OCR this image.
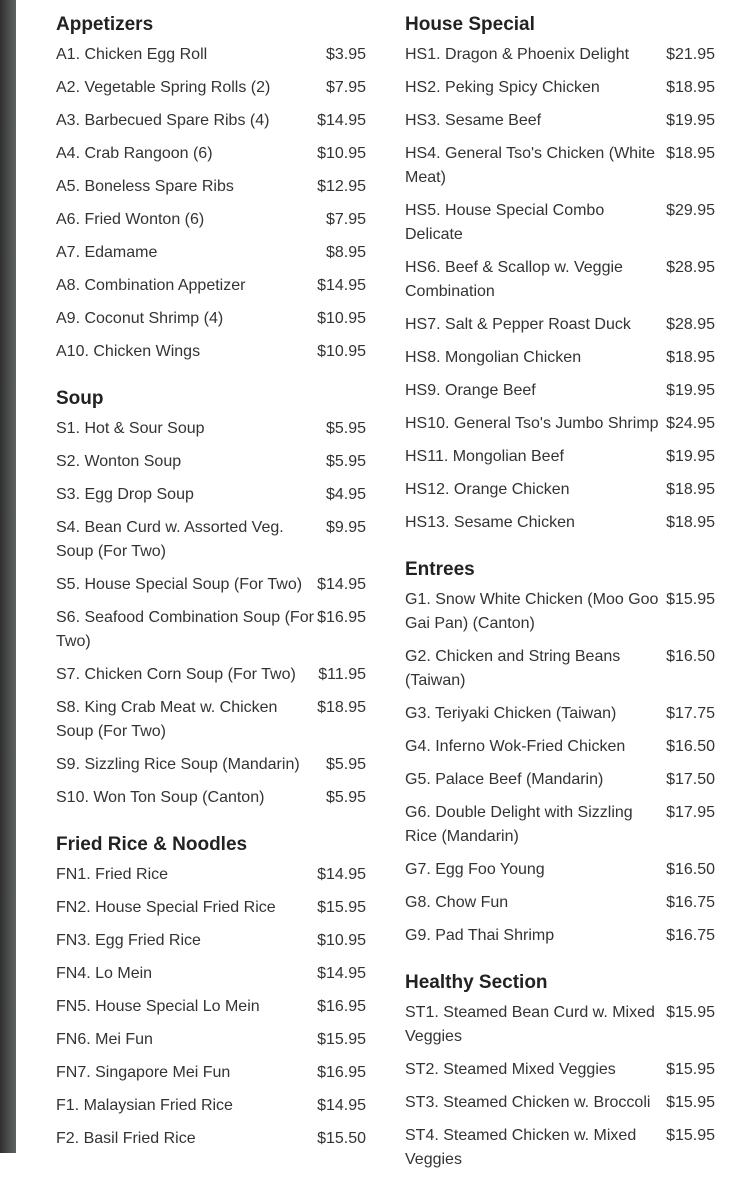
Appetizers
A1. Chicken Egg Roll	$3.95
A2. Vegetable Spring Rolls (2)	$7.95
A3. Barbecued Spare Ribs (4)	$14.95
A4. Crab Rangoon (6)	$10.95
A5. Boneless Spare Ribs	$12.95
A6. Fried Wonton (6)	$7.95
A7. Edamame	$8.95
A8. Combination Appetizer	$14.95
A9. Coconut Shrimp (4)	$10.95
A10. Chicken Wings	$10.95
Soup
S1. Hot & Sour Soup	$5.95
S2. Wonton Soup	$5.95
S3. Egg Drop Soup	$4.95
S4. Bean Curd w. Assorted Veg. Soup (For Two)
$9.95
S5. House Special Soup (For Two) $14.95
S6. Seafood Combination Soup (For Two)
$16.95
S7. Chicken Corn Soup (For Two)	$11.95
S8. King Crab Meat w. Chicken Soup (For Two)
$18.95
S9. Sizzling Rice Soup (Mandarin)	$5.95
S10. Won Ton Soup (Canton)	$5.95
Fried Rice & Noodles
FN1. Fried Rice	$14.95
FN2. House Special Fried Rice	$15.95
FN3. Egg Fried Rice	$10.95
FN4. Lo Mein	$14.95
FN5. House Special Lo Mein	$16.95
FN6. Mei Fun	$15.95
FN7. Singapore Mei Fun	$16.95
F1. Malaysian Fried Rice	$14.95
F2. Basil Fried Rice	$15.50
House Special
HS1. Dragon & Phoenix Delight	$21.95
HS2. Peking Spicy Chicken	$18.95
HS3. Sesame Beef	$19.95
HS4. General Tso's Chicken (White Meat)
$18.95
HS5. House Special Combo Delicate
$29.95
HS6. Beef & Scallop w. Veggie Combination
$28.95
HS7. Salt & Pepper Roast Duck	$28.95
HS8. Mongolian Chicken	$18.95
HS9. Orange Beef	$19.95
HS10. General Tso's Jumbo Shrimp $24.95
HS11. Mongolian Beef	$19.95
HS12. Orange Chicken	$18.95
HS13. Sesame Chicken	$18.95
Entrees
G1. Snow White Chicken (Moo Goo Gai Pan) (Canton)
$15.95
G2. Chicken and String Beans (Taiwan)
$16.50
G3. Teriyaki Chicken (Taiwan)	$17.75
G4. Inferno Wok-Fried Chicken	$16.50
G5. Palace Beef (Mandarin)	$17.50
G6. Double Delight with Sizzling Rice (Mandarin)
$17.95
G7. Egg Foo Young	$16.50
G8. Chow Fun	$16.75
G9. Pad Thai Shrimp	$16.75
Healthy Section
ST1. Steamed Bean Curd w. Mixed Veggies
$15.95
ST2. Steamed Mixed Veggies	$15.95
ST3. Steamed Chicken w. Broccoli $15.95
ST4. Steamed Chicken w. Mixed Veggies
$15.95
